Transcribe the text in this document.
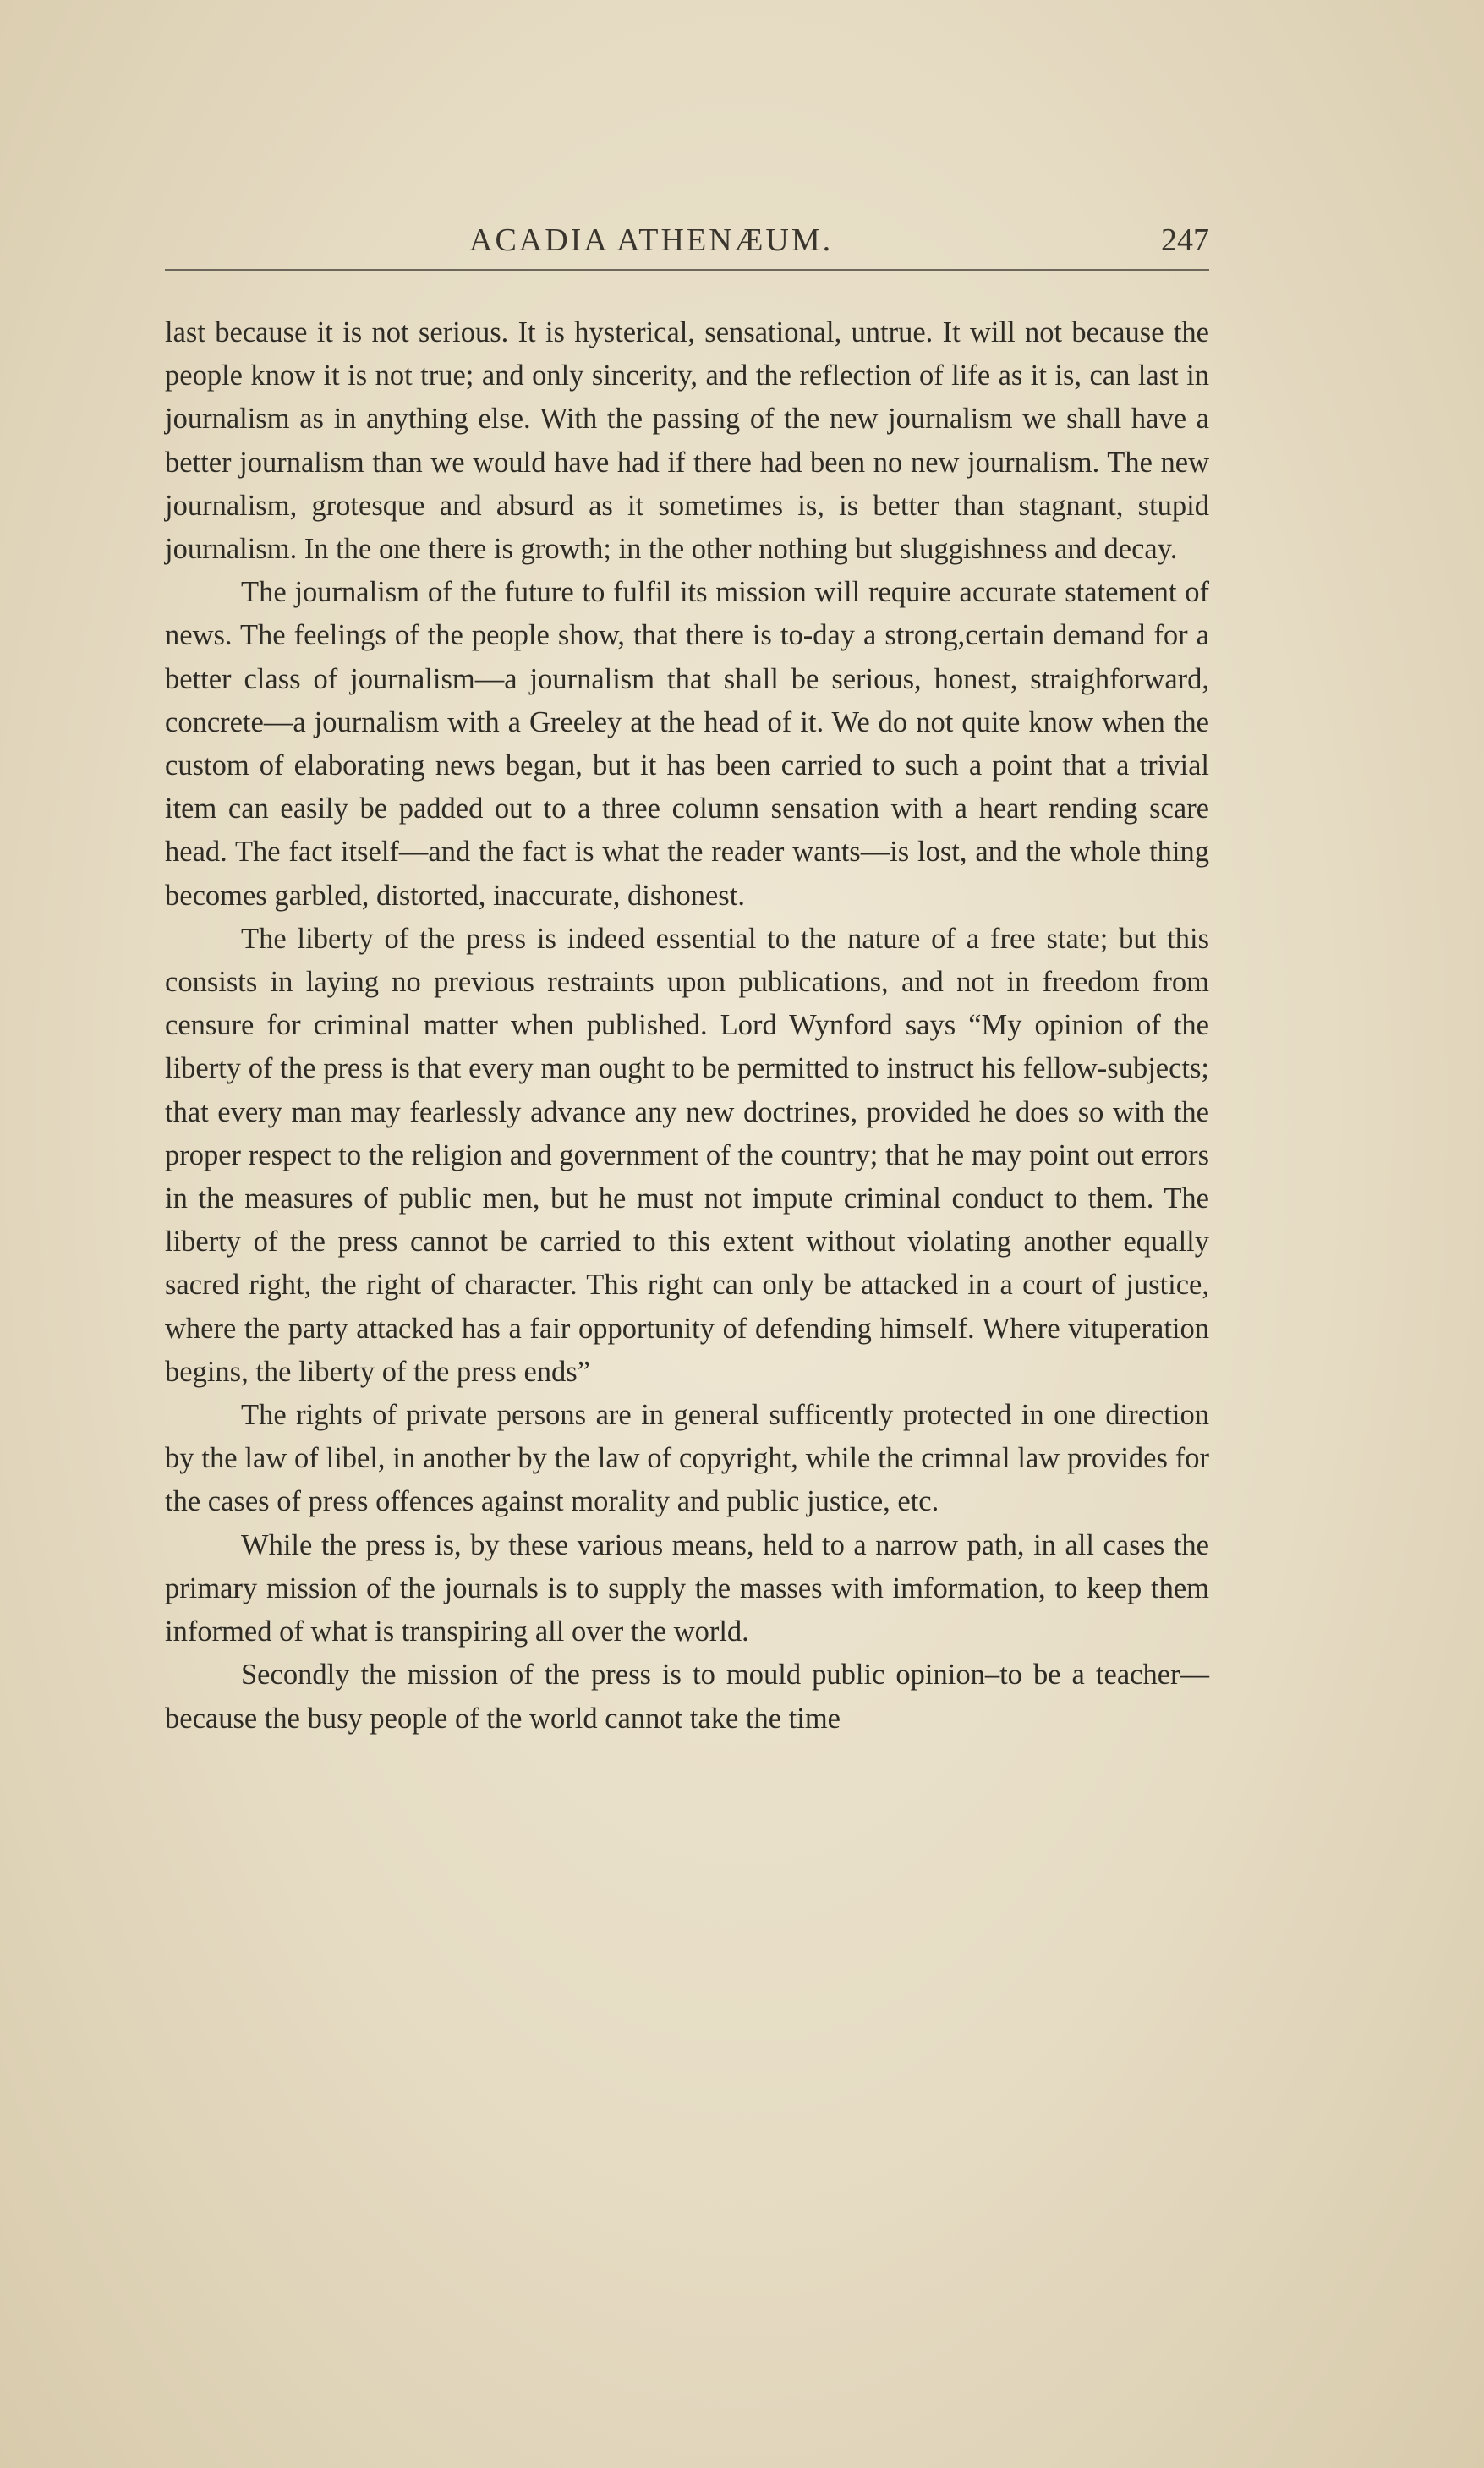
ACADIA ATHENÆUM.	247

last because it is not serious. It is hysterical, sensational, untrue. It will not because the people know it is not true; and only sincerity, and the reflection of life as it is, can last in journalism as in anything else. With the passing of the new journalism we shall have a better journalism than we would have had if there had been no new journalism. The new journalism, grotesque and absurd as it sometimes is, is better than stagnant, stupid journalism. In the one there is growth; in the other nothing but sluggishness and decay.

The journalism of the future to fulfil its mission will require accurate statement of news. The feelings of the people show, that there is to-day a strong,certain demand for a better class of journalism—a journalism that shall be serious, honest, straighforward, concrete—a journalism with a Greeley at the head of it. We do not quite know when the custom of elaborating news began, but it has been carried to such a point that a trivial item can easily be padded out to a three column sensation with a heart rending scare head. The fact itself—and the fact is what the reader wants—is lost, and the whole thing becomes garbled, distorted, inaccurate, dishonest.

The liberty of the press is indeed essential to the nature of a free state; but this consists in laying no previous restraints upon publications, and not in freedom from censure for criminal matter when published. Lord Wynford says “My opinion of the liberty of the press is that every man ought to be permitted to instruct his fellow-subjects; that every man may fearlessly advance any new doctrines, provided he does so with the proper respect to the religion and government of the country; that he may point out errors in the measures of public men, but he must not impute criminal conduct to them. The liberty of the press cannot be carried to this extent without violating another equally sacred right, the right of character. This right can only be attacked in a court of justice, where the party attacked has a fair opportunity of defending himself. Where vituperation begins, the liberty of the press ends”

The rights of private persons are in general sufficently protected in one direction by the law of libel, in another by the law of copyright, while the crimnal law provides for the cases of press offences against morality and public justice, etc.

While the press is, by these various means, held to a narrow path, in all cases the primary mission of the journals is to supply the masses with imformation, to keep them informed of what is transpiring all over the world.

Secondly the mission of the press is to mould public opinion–to be a teacher—because the busy people of the world cannot take the time
